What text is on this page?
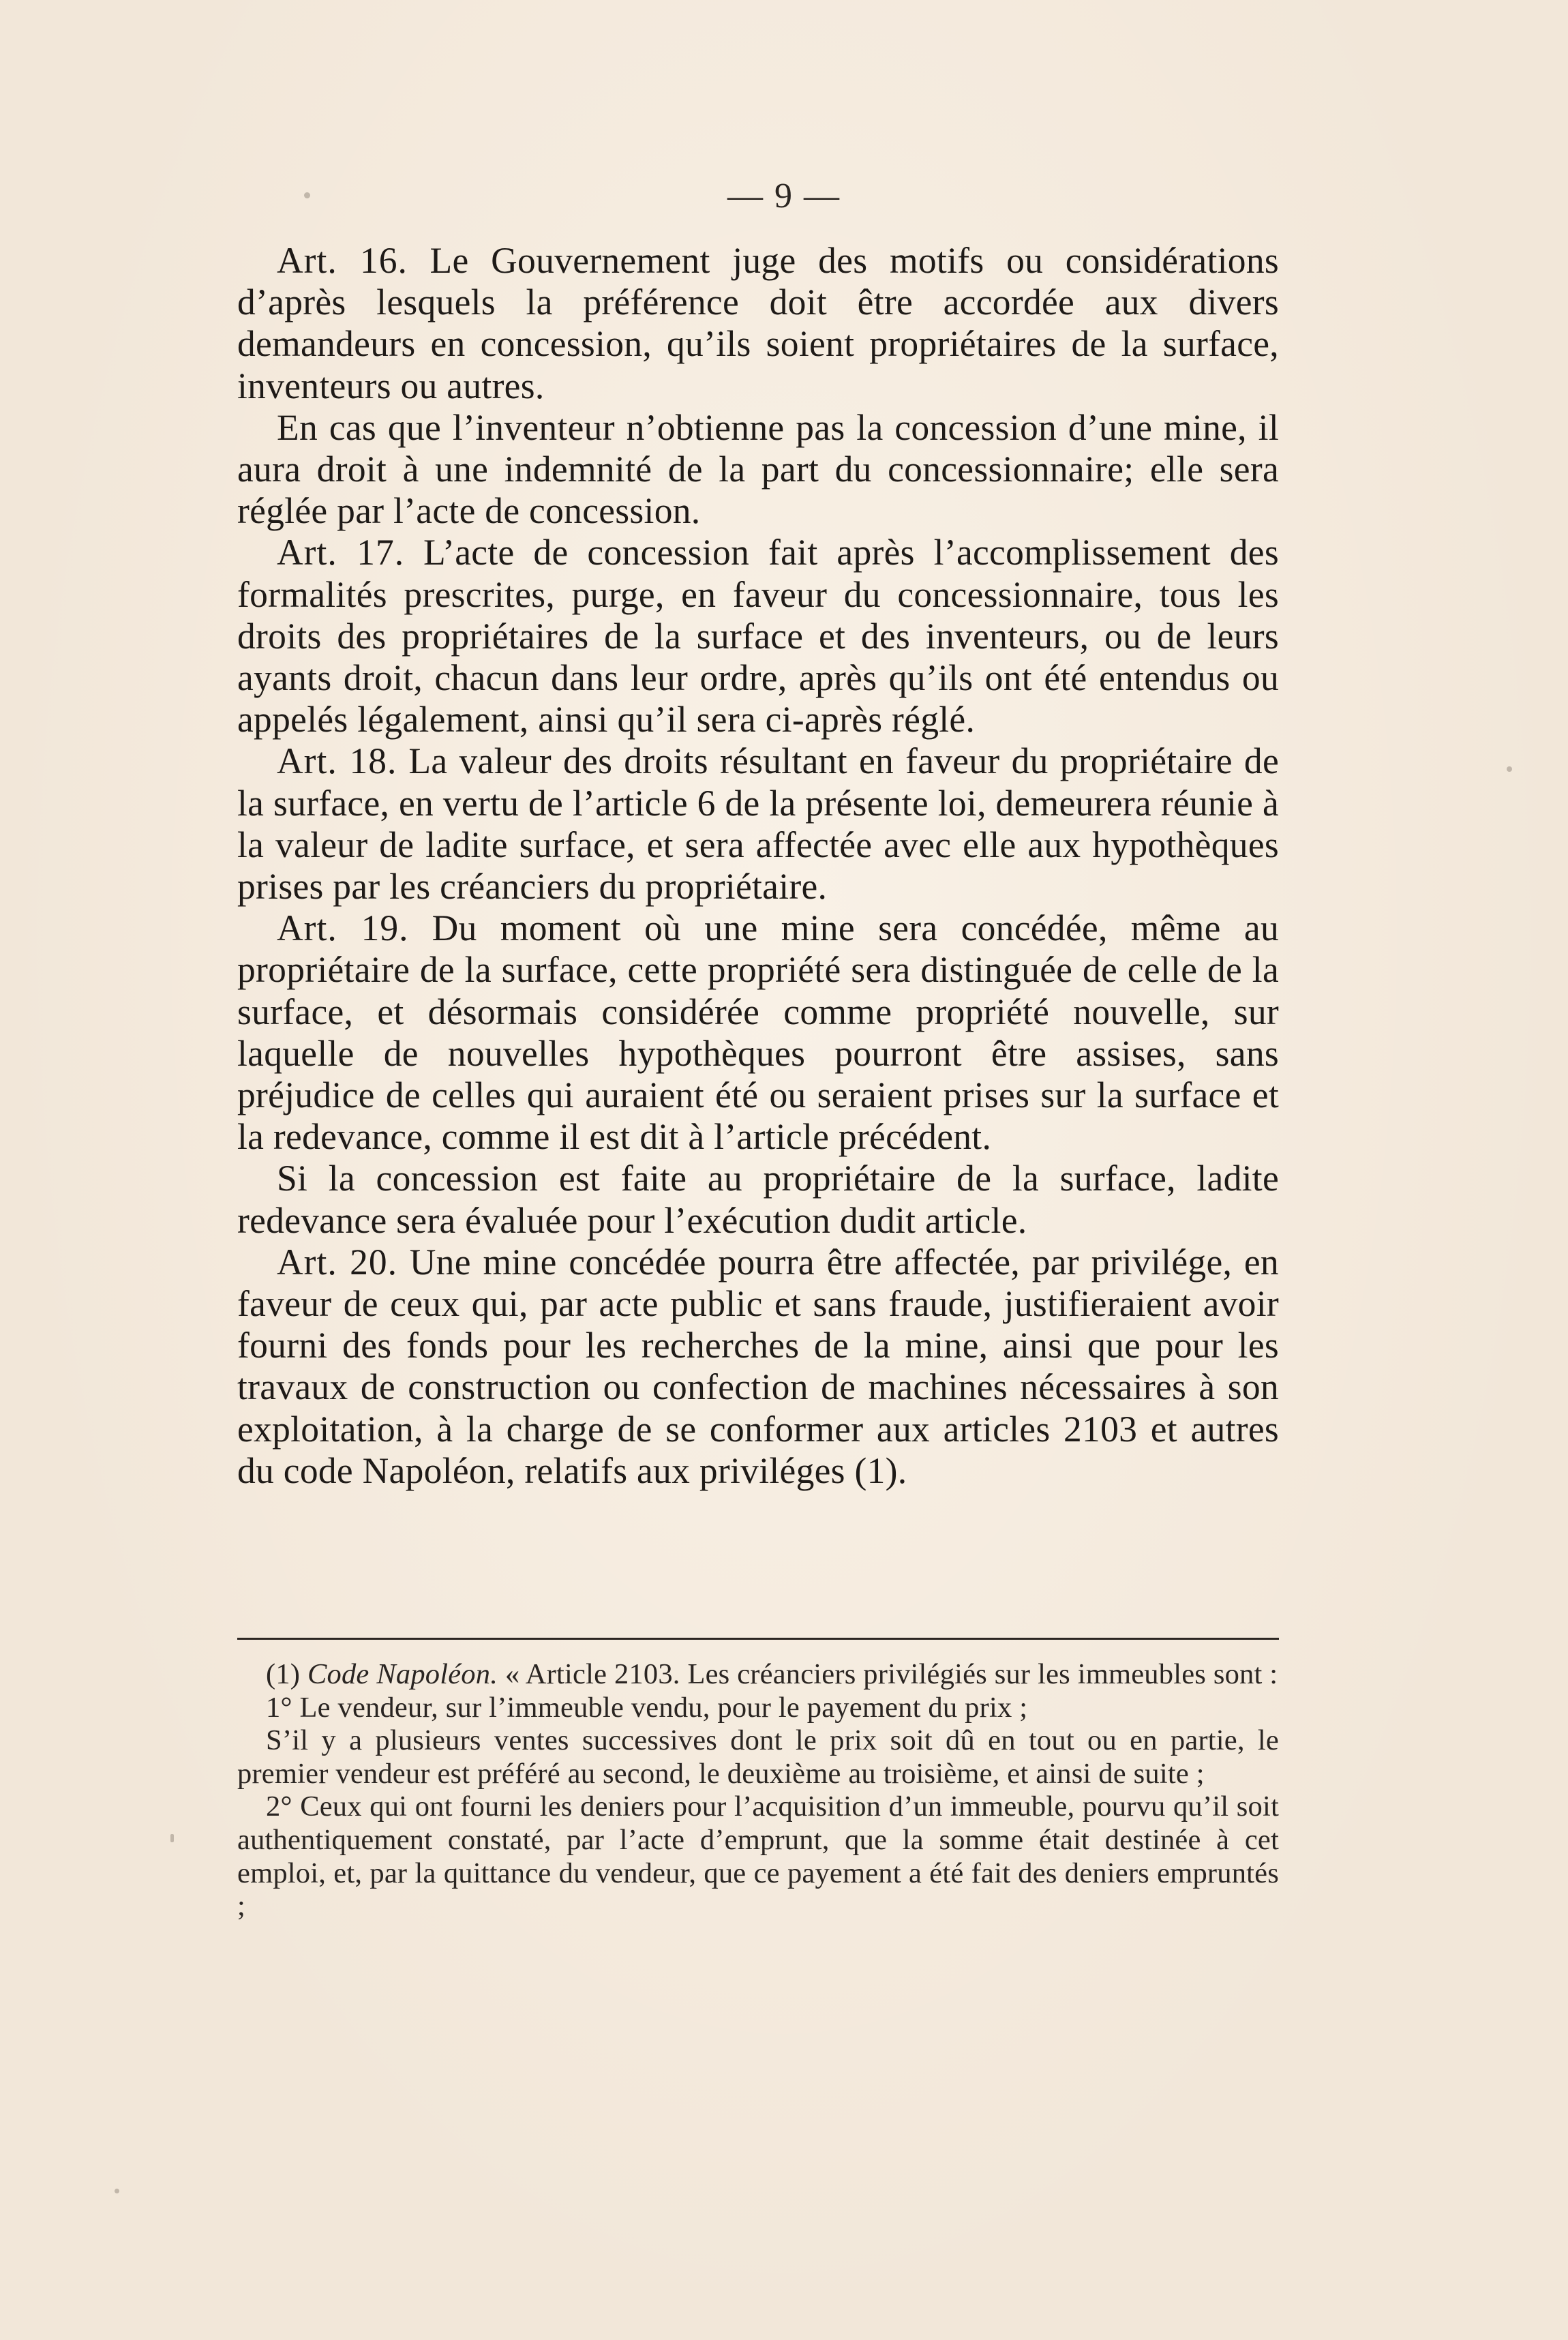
— 9 —

Art. 16. Le Gouvernement juge des motifs ou considérations d’après lesquels la préférence doit être accordée aux divers demandeurs en concession, qu’ils soient propriétaires de la surface, inventeurs ou autres.

En cas que l’inventeur n’obtienne pas la concession d’une mine, il aura droit à une indemnité de la part du concessionnaire; elle sera réglée par l’acte de concession.

Art. 17. L’acte de concession fait après l’accomplissement des formalités prescrites, purge, en faveur du concessionnaire, tous les droits des propriétaires de la surface et des inventeurs, ou de leurs ayants droit, chacun dans leur ordre, après qu’ils ont été entendus ou appelés légalement, ainsi qu’il sera ci-après réglé.

Art. 18. La valeur des droits résultant en faveur du propriétaire de la surface, en vertu de l’article 6 de la présente loi, demeurera réunie à la valeur de ladite surface, et sera affectée avec elle aux hypothèques prises par les créanciers du propriétaire.

Art. 19. Du moment où une mine sera concédée, même au propriétaire de la surface, cette propriété sera distinguée de celle de la surface, et désormais considérée comme propriété nouvelle, sur laquelle de nouvelles hypothèques pourront être assises, sans préjudice de celles qui auraient été ou seraient prises sur la surface et la redevance, comme il est dit à l’article précédent.

Si la concession est faite au propriétaire de la surface, ladite redevance sera évaluée pour l’exécution dudit article.

Art. 20. Une mine concédée pourra être affectée, par privilége, en faveur de ceux qui, par acte public et sans fraude, justifieraient avoir fourni des fonds pour les recherches de la mine, ainsi que pour les travaux de construction ou confection de machines nécessaires à son exploitation, à la charge de se conformer aux articles 2103 et autres du code Napoléon, relatifs aux priviléges (1).

(1) Code Napoléon. « Article 2103. Les créanciers privilégiés sur les immeubles sont :

1° Le vendeur, sur l’immeuble vendu, pour le payement du prix ;

S’il y a plusieurs ventes successives dont le prix soit dû en tout ou en partie, le premier vendeur est préféré au second, le deuxième au troisième, et ainsi de suite ;

2° Ceux qui ont fourni les deniers pour l’acquisition d’un immeuble, pourvu qu’il soit authentiquement constaté, par l’acte d’emprunt, que la somme était destinée à cet emploi, et, par la quittance du vendeur, que ce payement a été fait des deniers empruntés ;
